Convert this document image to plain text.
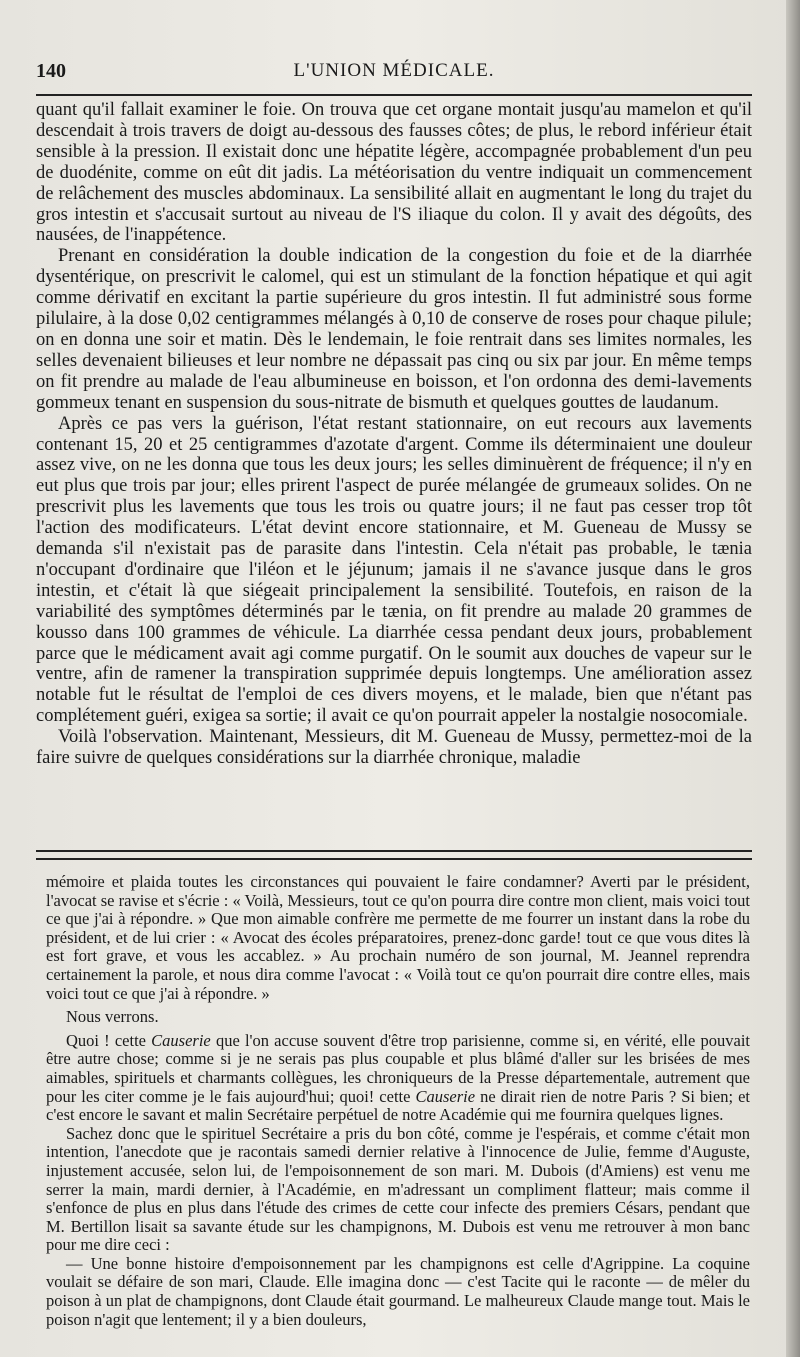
140	L'UNION MÉDICALE.

quant qu'il fallait examiner le foie. On trouva que cet organe montait jusqu'au mamelon et qu'il descendait à trois travers de doigt au-dessous des fausses côtes; de plus, le rebord inférieur était sensible à la pression. Il existait donc une hépatite légère, accompagnée probablement d'un peu de duodénite, comme on eût dit jadis. La météorisation du ventre indiquait un commencement de relâchement des muscles abdominaux. La sensibilité allait en augmentant le long du trajet du gros intestin et s'accusait surtout au niveau de l'S iliaque du colon. Il y avait des dégoûts, des nausées, de l'inappétence.

Prenant en considération la double indication de la congestion du foie et de la diarrhée dysentérique, on prescrivit le calomel, qui est un stimulant de la fonction hépatique et qui agit comme dérivatif en excitant la partie supérieure du gros intestin. Il fut administré sous forme pilulaire, à la dose 0,02 centigrammes mélangés à 0,10 de conserve de roses pour chaque pilule; on en donna une soir et matin. Dès le lendemain, le foie rentrait dans ses limites normales, les selles devenaient bilieuses et leur nombre ne dépassait pas cinq ou six par jour. En même temps on fit prendre au malade de l'eau albumineuse en boisson, et l'on ordonna des demi-lavements gommeux tenant en suspension du sous-nitrate de bismuth et quelques gouttes de laudanum.

Après ce pas vers la guérison, l'état restant stationnaire, on eut recours aux lavements contenant 15, 20 et 25 centigrammes d'azotate d'argent. Comme ils déterminaient une douleur assez vive, on ne les donna que tous les deux jours; les selles diminuèrent de fréquence; il n'y en eut plus que trois par jour; elles prirent l'aspect de purée mélangée de grumeaux solides. On ne prescrivit plus les lavements que tous les trois ou quatre jours; il ne faut pas cesser trop tôt l'action des modificateurs. L'état devint encore stationnaire, et M. Gueneau de Mussy se demanda s'il n'existait pas de parasite dans l'intestin. Cela n'était pas probable, le tænia n'occupant d'ordinaire que l'iléon et le jéjunum; jamais il ne s'avance jusque dans le gros intestin, et c'était là que siégeait principalement la sensibilité. Toutefois, en raison de la variabilité des symptômes déterminés par le tænia, on fit prendre au malade 20 grammes de kousso dans 100 grammes de véhicule. La diarrhée cessa pendant deux jours, probablement parce que le médicament avait agi comme purgatif. On le soumit aux douches de vapeur sur le ventre, afin de ramener la transpiration supprimée depuis longtemps. Une amélioration assez notable fut le résultat de l'emploi de ces divers moyens, et le malade, bien que n'étant pas complétement guéri, exigea sa sortie; il avait ce qu'on pourrait appeler la nostalgie nosocomiale.

Voilà l'observation. Maintenant, Messieurs, dit M. Gueneau de Mussy, permettez-moi de la faire suivre de quelques considérations sur la diarrhée chronique, maladie

mémoire et plaida toutes les circonstances qui pouvaient le faire condamner? Averti par le président, l'avocat se ravise et s'écrie : « Voilà, Messieurs, tout ce qu'on pourra dire contre mon client, mais voici tout ce que j'ai à répondre. » Que mon aimable confrère me permette de me fourrer un instant dans la robe du président, et de lui crier : « Avocat des écoles préparatoires, prenez-donc garde! tout ce que vous dites là est fort grave, et vous les accablez. » Au prochain numéro de son journal, M. Jeannel reprendra certainement la parole, et nous dira comme l'avocat : « Voilà tout ce qu'on pourrait dire contre elles, mais voici tout ce que j'ai à répondre. »

Nous verrons.

Quoi ! cette Causerie que l'on accuse souvent d'être trop parisienne, comme si, en vérité, elle pouvait être autre chose; comme si je ne serais pas plus coupable et plus blâmé d'aller sur les brisées de mes aimables, spirituels et charmants collègues, les chroniqueurs de la Presse départementale, autrement que pour les citer comme je le fais aujourd'hui; quoi! cette Causerie ne dirait rien de notre Paris ? Si bien; et c'est encore le savant et malin Secrétaire perpétuel de notre Académie qui me fournira quelques lignes.

Sachez donc que le spirituel Secrétaire a pris du bon côté, comme je l'espérais, et comme c'était mon intention, l'anecdote que je racontais samedi dernier relative à l'innocence de Julie, femme d'Auguste, injustement accusée, selon lui, de l'empoisonnement de son mari. M. Dubois (d'Amiens) est venu me serrer la main, mardi dernier, à l'Académie, en m'adressant un compliment flatteur; mais comme il s'enfonce de plus en plus dans l'étude des crimes de cette cour infecte des premiers Césars, pendant que M. Bertillon lisait sa savante étude sur les champignons, M. Dubois est venu me retrouver à mon banc pour me dire ceci :

— Une bonne histoire d'empoisonnement par les champignons est celle d'Agrippine. La coquine voulait se défaire de son mari, Claude. Elle imagina donc — c'est Tacite qui le raconte — de mêler du poison à un plat de champignons, dont Claude était gourmand. Le malheureux Claude mange tout. Mais le poison n'agit que lentement; il y a bien douleurs,
